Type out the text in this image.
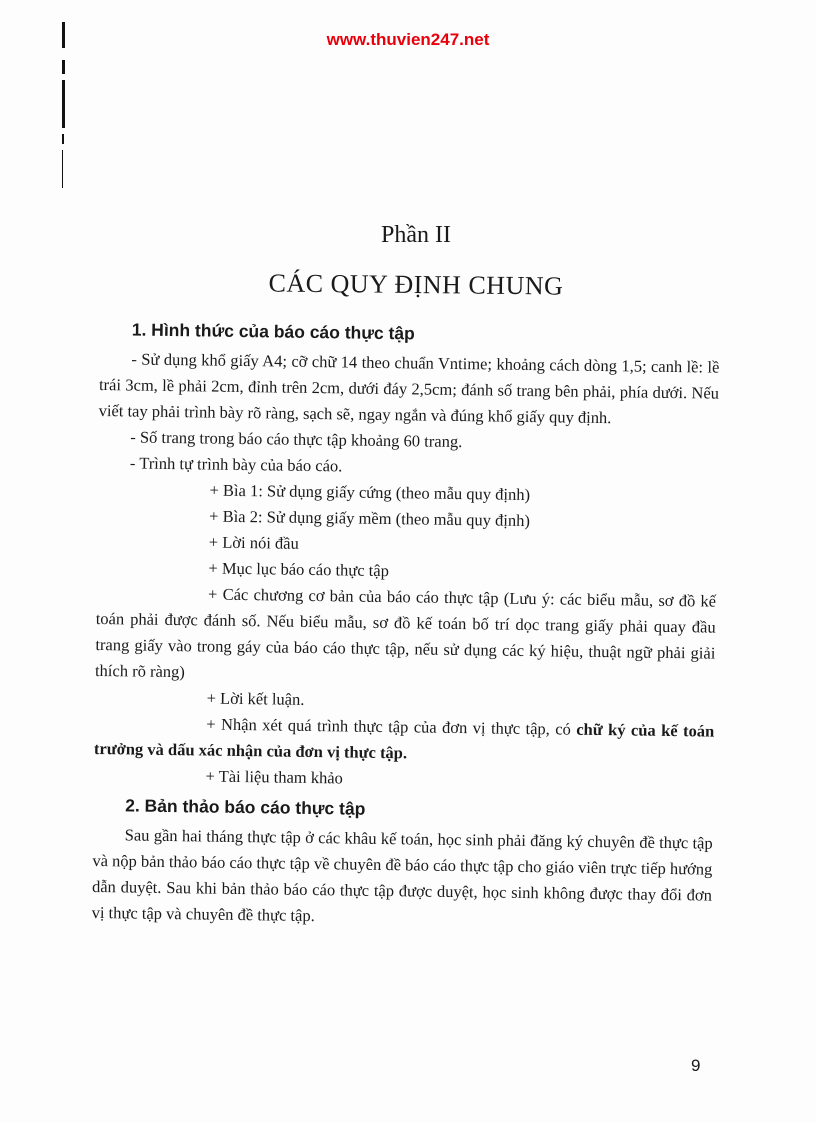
www.thuvien247.net
Phần II
CÁC QUY ĐỊNH CHUNG

1. Hình thức của báo cáo thực tập

- Sử dụng khổ giấy A4; cỡ chữ 14 theo chuẩn Vntime; khoảng cách dòng 1,5; canh lề: lề trái 3cm, lề phải 2cm, đỉnh trên 2cm, dưới đáy 2,5cm; đánh số trang bên phải, phía dưới. Nếu viết tay phải trình bày rõ ràng, sạch sẽ, ngay ngắn và đúng khổ giấy quy định.

- Số trang trong báo cáo thực tập khoảng 60 trang.

- Trình tự trình bày của báo cáo.

+ Bìa 1: Sử dụng giấy cứng (theo mẫu quy định)

+ Bìa 2: Sử dụng giấy mềm (theo mẫu quy định)

+ Lời nói đầu

+ Mục lục báo cáo thực tập

+ Các chương cơ bản của báo cáo thực tập (Lưu ý: các biểu mẫu, sơ đồ kế toán phải được đánh số. Nếu biểu mẫu, sơ đồ kế toán bố trí dọc trang giấy phải quay đầu trang giấy vào trong gáy của báo cáo thực tập, nếu sử dụng các ký hiệu, thuật ngữ phải giải thích rõ ràng)

+ Lời kết luận.

+ Nhận xét quá trình thực tập của đơn vị thực tập, có chữ ký của kế toán trưởng và dấu xác nhận của đơn vị thực tập.

+ Tài liệu tham khảo

2. Bản thảo báo cáo thực tập

Sau gần hai tháng thực tập ở các khâu kế toán, học sinh phải đăng ký chuyên đề thực tập và nộp bản thảo báo cáo thực tập về chuyên đề báo cáo thực tập cho giáo viên trực tiếp hướng dẫn duyệt. Sau khi bản thảo báo cáo thực tập được duyệt, học sinh không được thay đổi đơn vị thực tập và chuyên đề thực tập.

9
